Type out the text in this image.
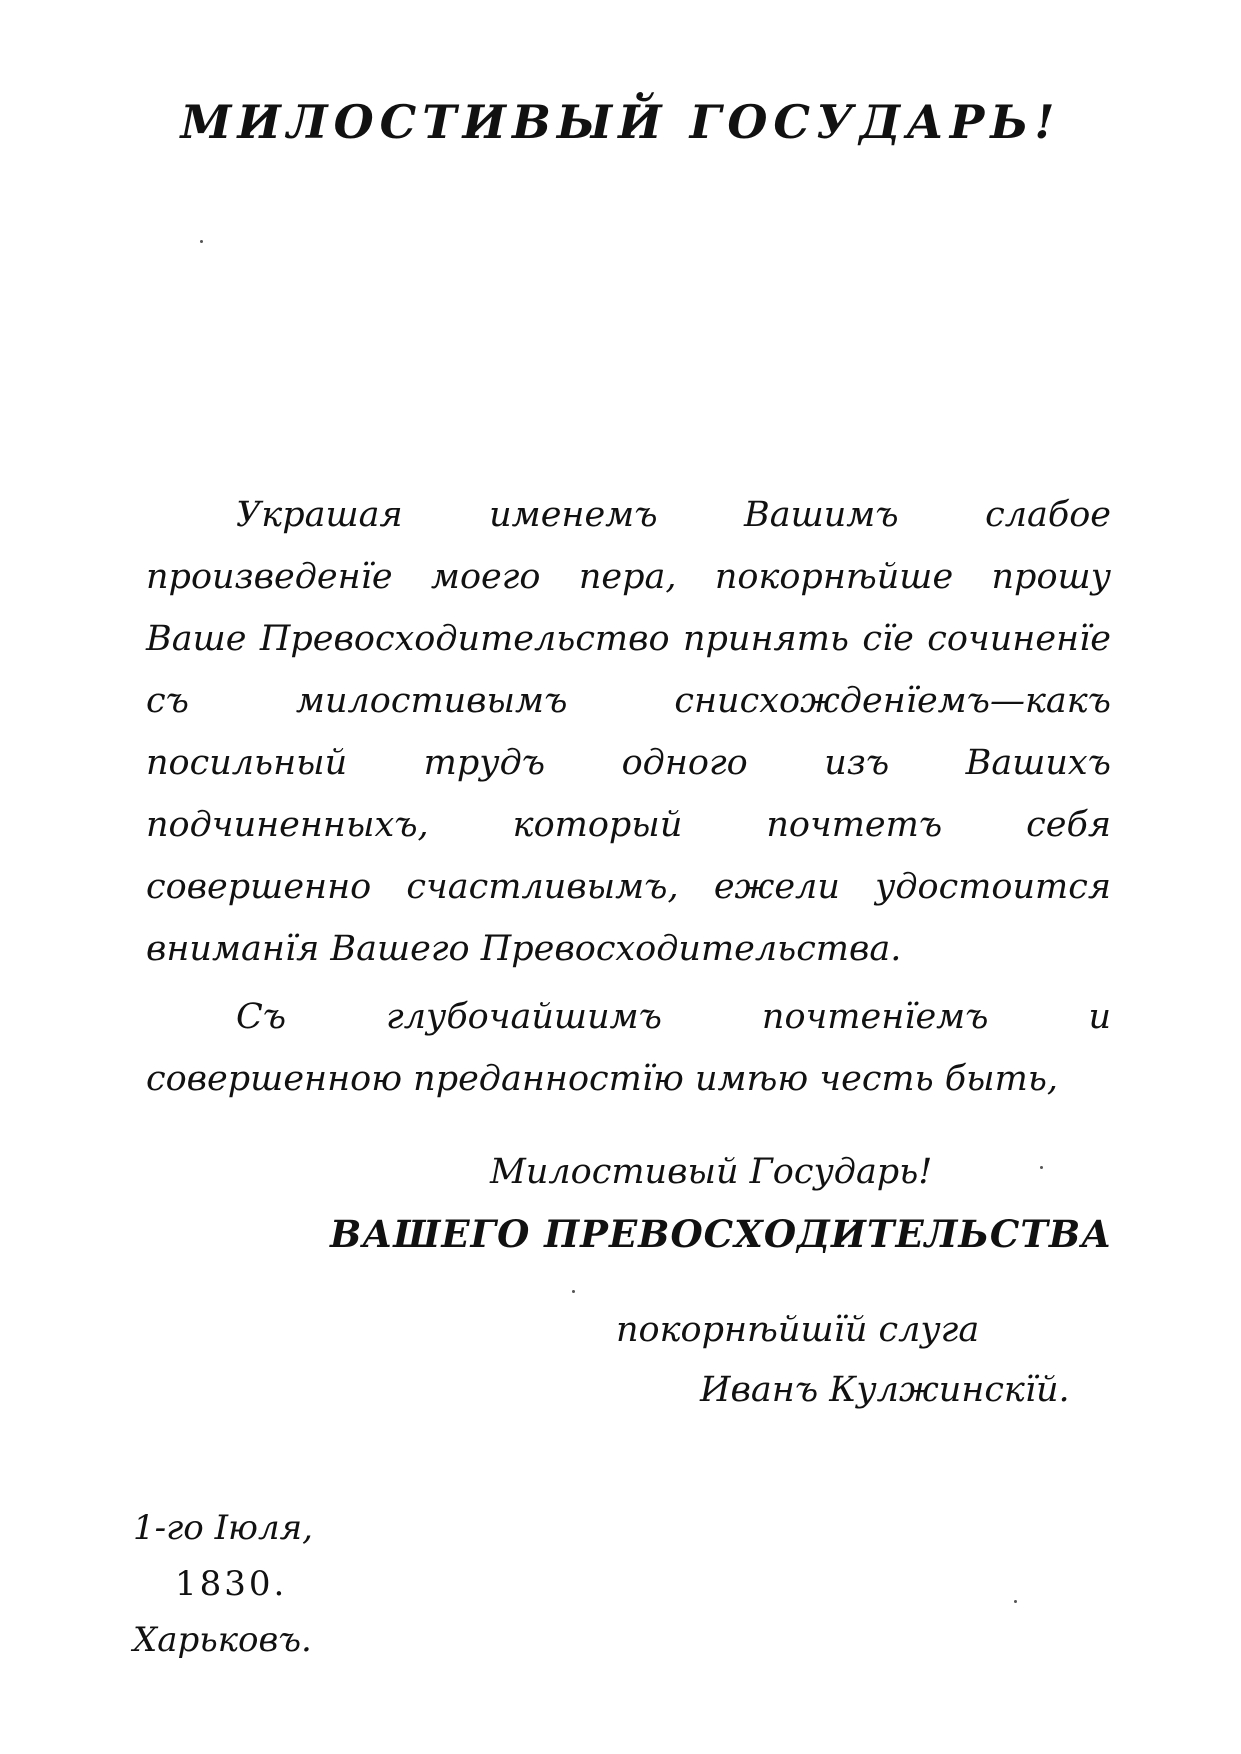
МИЛОСТИВЫЙ ГОСУДАРЬ!

Украшая именемъ Вашимъ слабое произведенїе моего пера, покорнѣйше прошу Ваше Превосходительство принять сїе сочиненїе съ милостивымъ снисхожденїемъ—какъ посильный трудъ одного изъ Вашихъ подчиненныхъ, который почтетъ себя совершенно счастливымъ, ежели удостоится вниманїя Вашего Превосходительства.

Съ глубочайшимъ почтенїемъ и совершенною преданностїю имѣю честь быть,

Милостивый Государь!
ВАШЕГО ПРЕВОСХОДИТЕЛЬСТВА
покорнѣйшїй слуга
Иванъ Кулжинскїй.
1-го Іюля,
1830.
Харьковъ.
